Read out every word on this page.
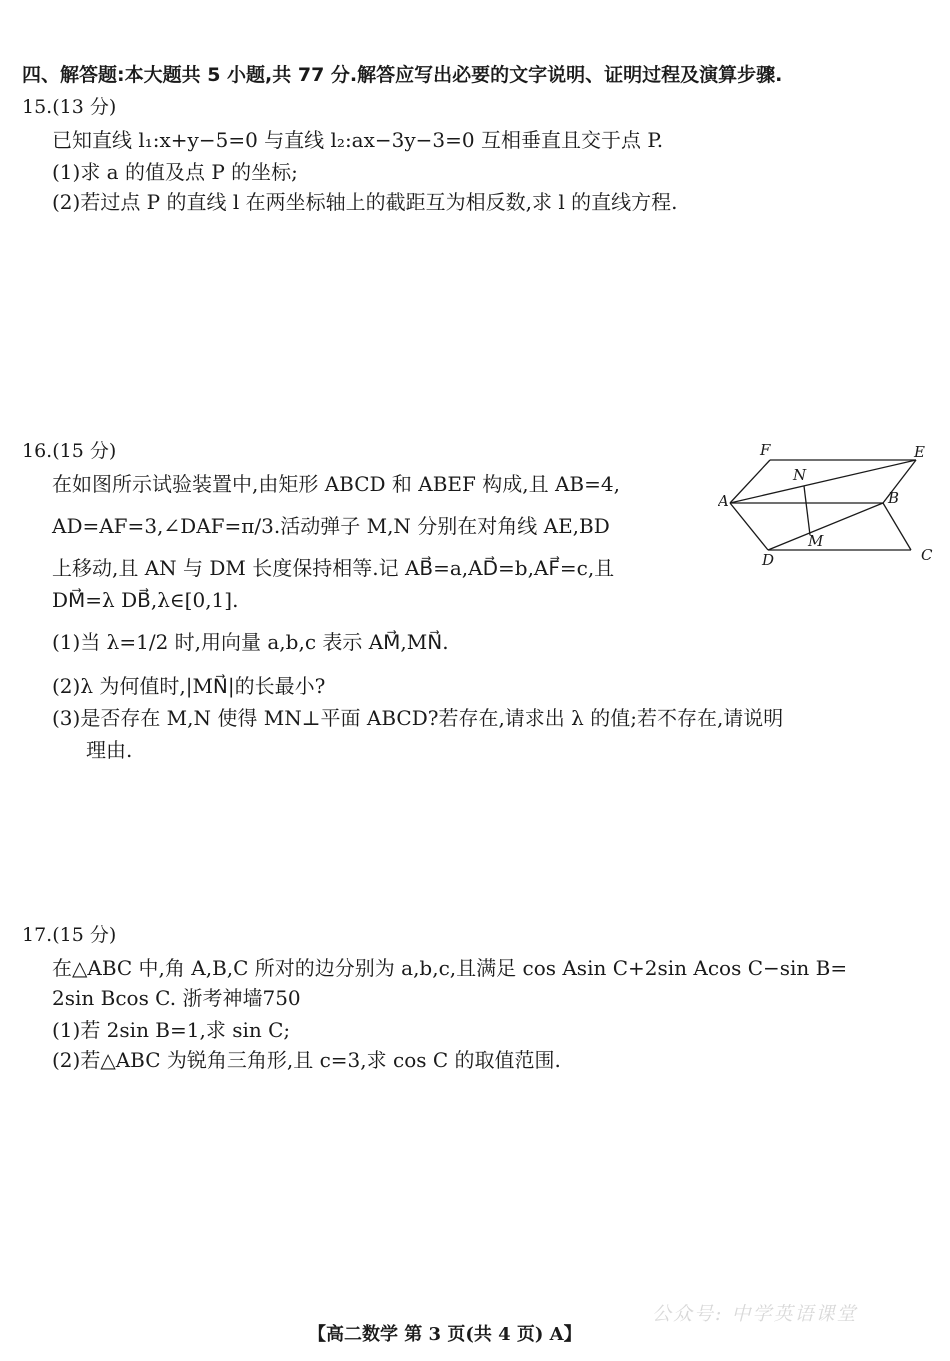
四、解答题:本大题共 5 小题,共 77 分.解答应写出必要的文字说明、证明过程及演算步骤.
15.(13 分)
已知直线 l₁:x+y−5=0 与直线 l₂:ax−3y−3=0 互相垂直且交于点 P.
(1)求 a 的值及点 P 的坐标;
(2)若过点 P 的直线 l 在两坐标轴上的截距互为相反数,求 l 的直线方程.
16.(15 分)
在如图所示试验装置中,由矩形 ABCD 和 ABEF 构成,且 AB=4,
AD=AF=3,∠DAF=π/3.活动弹子 M,N 分别在对角线 AE,BD
上移动,且 AN 与 DM 长度保持相等.记 AB⃗=a,AD⃗=b,AF⃗=c,且
DM⃗=λ DB⃗,λ∈[0,1].
(1)当 λ=1/2 时,用向量 a,b,c 表示 AM⃗,MN⃗.
(2)λ 为何值时,|MN⃗|的长最小?
(3)是否存在 M,N 使得 MN⊥平面 ABCD?若存在,请求出 λ 的值;若不存在,请说明
理由.
F	E
N
A	B
M
D	C
17.(15 分)
在△ABC 中,角 A,B,C 所对的边分别为 a,b,c,且满足 cos Asin C+2sin Acos C−sin B=
2sin Bcos C. 浙考神墙750
(1)若 2sin B=1,求 sin C;
(2)若△ABC 为锐角三角形,且 c=3,求 cos C 的取值范围.
【高二数学 第 3 页(共 4 页) A】
公众号: 中学英语课堂
